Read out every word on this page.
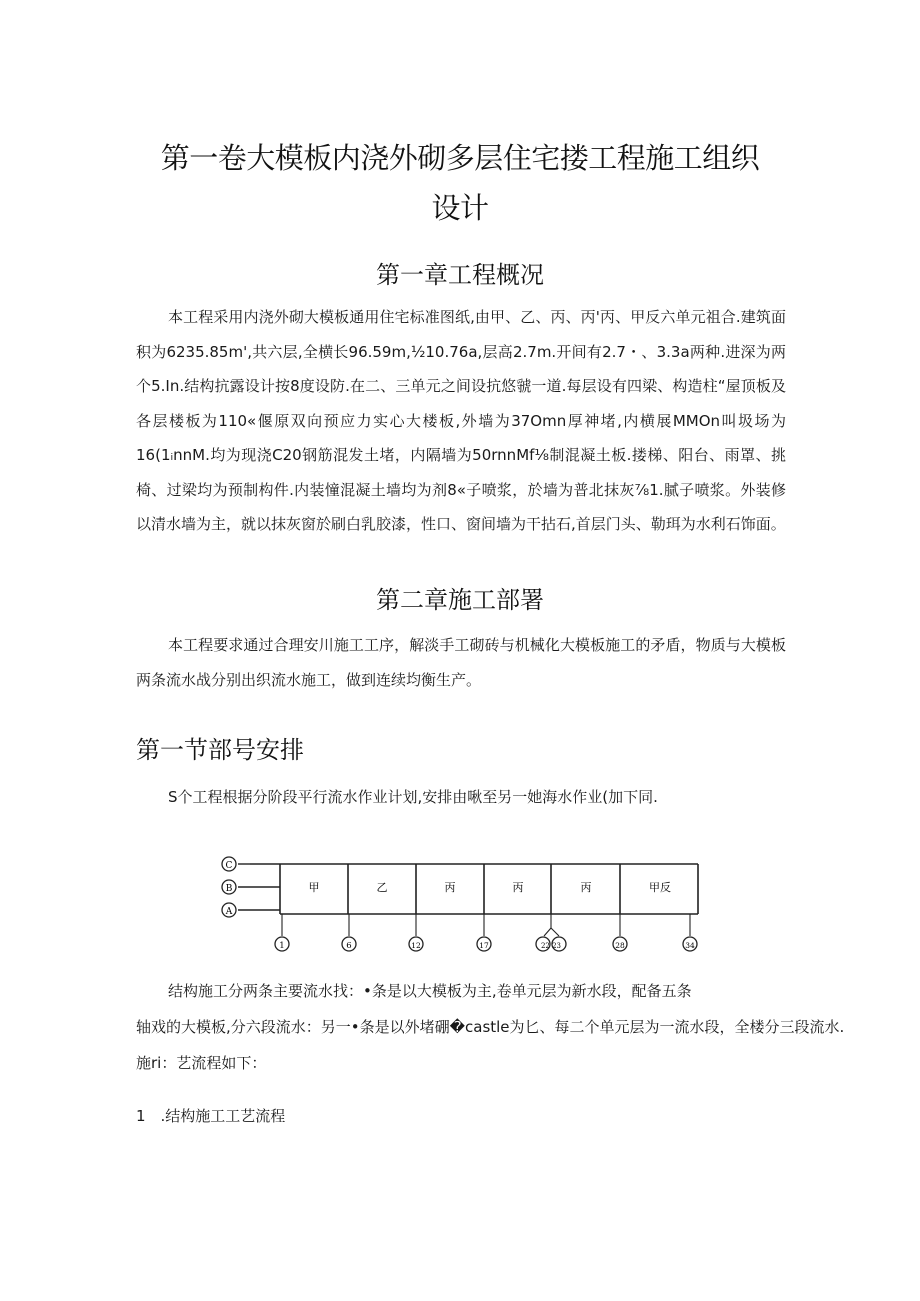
第一卷大模板内浇外砌多层住宅搂工程施工组织
设计
第一章工程概况
本工程采用内浇外砌大模板通用住宅标准图纸,由甲、乙、丙、丙'丙、甲反六单元祖合.建筑面积为6235.85m',共六层,全横长96.59m,½10.76a,层高2.7m.开间有2.7・、3.3a两种.进深为两个5.In.结构抗露设计按8度设防.在二、三单元之间设抗悠虢一道.每层设有四梁、构造柱“屋顶板及各层楼板为110«偃原双向预应力实心大楼板,外墙为37Omn厚神堵,内横展MMOn叫圾场为16(1ᵢnnM.均为现浇C20钢筋混发土堵，内隔墙为50rnnMf⅛制混凝土板.搂梯、阳台、雨罩、挑椅、过梁均为预制构件.内装憧混凝土墙均为剂8«子喷浆，於墙为普北抹灰⅞1.腻子喷浆。外装修以清水墙为主，就以抹灰窗於刷白乳胶漆，性口、窗间墙为干拈石,首层门头、勒珥为水利石饰面。
第二章施工部署
本工程要求通过合理安川施工工序，解淡手工砌砖与机械化大模板施工的矛盾，物质与大模板两条流水战分别出织流水施工，做到连续均衡生产。
第一节部号安排
S个工程根据分阶段平行流水作业计划,安排由啾至另一她海水作业(加下同.
C
B
A
甲	乙	丙	丙	丙	甲反
1	6	12	17	22 23	28	34
结构施工分两条主要流水找：•条是以大模板为主,卷单元层为新水段，配备五条
轴戏的大模板,分六段流水：另一•条是以外堵硼�castle为匕、每二个单元层为一流水段，全楼分三段流水.
施ri：艺流程如下：
1　.结构施工工艺流程
